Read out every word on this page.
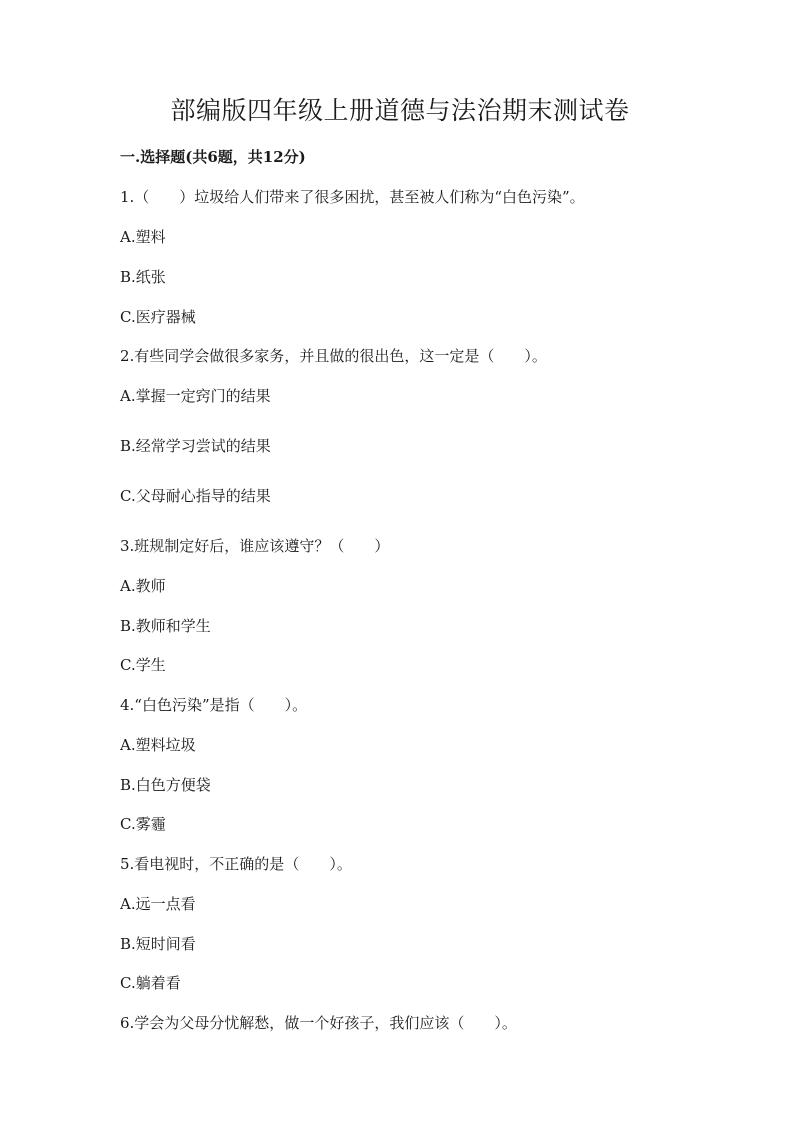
部编版四年级上册道德与法治期末测试卷
一.选择题(共6题，共12分)
1.（　　）垃圾给人们带来了很多困扰，甚至被人们称为“白色污染”。
A.塑料
B.纸张
C.医疗器械
2.有些同学会做很多家务，并且做的很出色，这一定是（　　）。
A.掌握一定窍门的结果
B.经常学习尝试的结果
C.父母耐心指导的结果
3.班规制定好后，谁应该遵守？（　　）
A.教师
B.教师和学生
C.学生
4.“白色污染”是指（　　）。
A.塑料垃圾
B.白色方便袋
C.雾霾
5.看电视时，不正确的是（　　）。
A.远一点看
B.短时间看
C.躺着看
6.学会为父母分忧解愁，做一个好孩子，我们应该（　　）。
